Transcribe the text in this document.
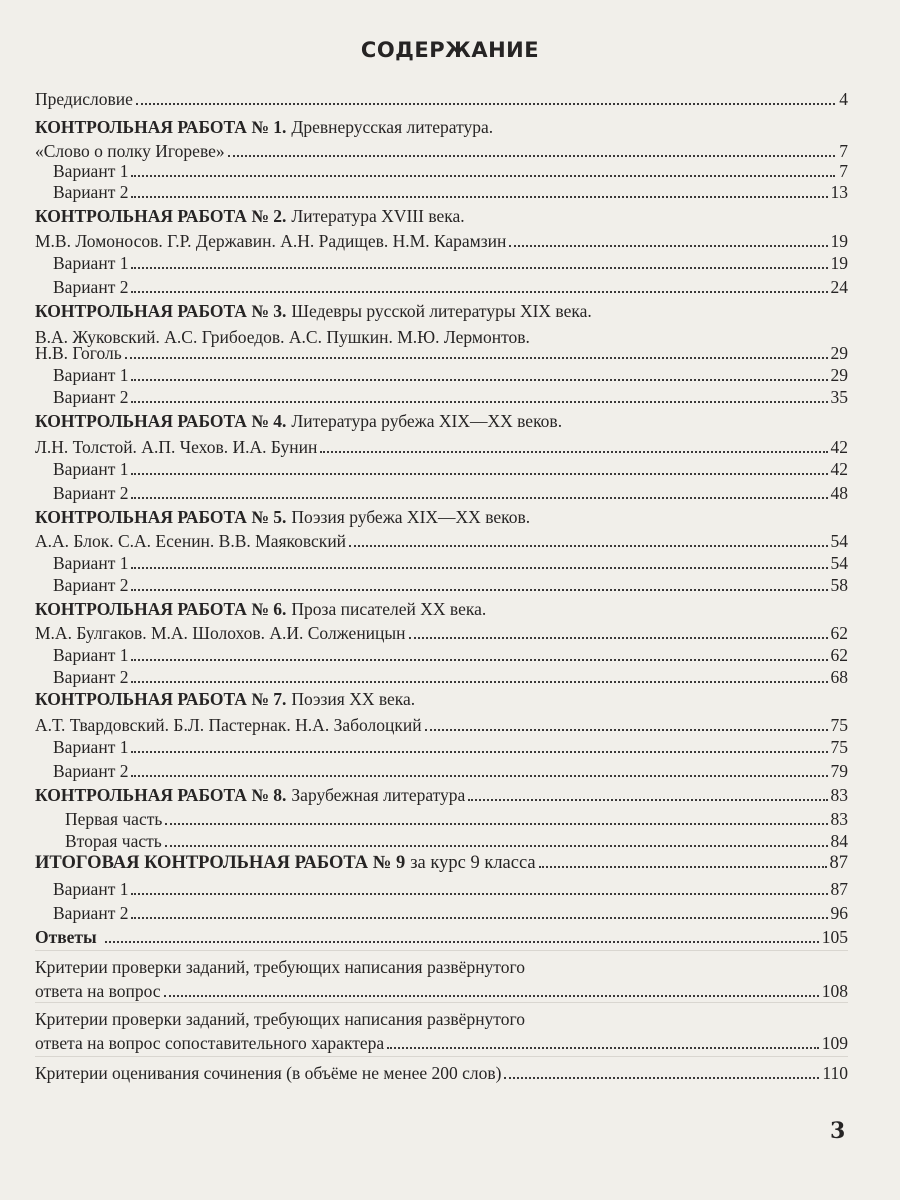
СОДЕРЖАНИЕ
Предисловие	4
КОНТРОЛЬНАЯ РАБОТА № 1. Древнерусская литература.
«Слово о полку Игореве»	7
Вариант 1	7
Вариант 2	13
КОНТРОЛЬНАЯ РАБОТА № 2. Литература XVIII века.
М.В. Ломоносов. Г.Р. Державин. А.Н. Радищев. Н.М. Карамзин	19
Вариант 1	19
Вариант 2	24
КОНТРОЛЬНАЯ РАБОТА № 3. Шедевры русской литературы XIX века.
В.А. Жуковский. А.С. Грибоедов. А.С. Пушкин. М.Ю. Лермонтов.
Н.В. Гоголь	29
Вариант 1	29
Вариант 2	35
КОНТРОЛЬНАЯ РАБОТА № 4. Литература рубежа XIX—XX веков.
Л.Н. Толстой. А.П. Чехов. И.А. Бунин	42
Вариант 1	42
Вариант 2	48
КОНТРОЛЬНАЯ РАБОТА № 5. Поэзия рубежа XIX—XX веков.
А.А. Блок. С.А. Есенин. В.В. Маяковский	54
Вариант 1	54
Вариант 2	58
КОНТРОЛЬНАЯ РАБОТА № 6. Проза писателей XX века.
М.А. Булгаков. М.А. Шолохов. А.И. Солженицын	62
Вариант 1	62
Вариант 2	68
КОНТРОЛЬНАЯ РАБОТА № 7. Поэзия XX века.
А.Т. Твардовский. Б.Л. Пастернак. Н.А. Заболоцкий	75
Вариант 1	75
Вариант 2	79
КОНТРОЛЬНАЯ РАБОТА № 8. Зарубежная литература	83
Первая часть	83
Вторая часть	84
ИТОГОВАЯ КОНТРОЛЬНАЯ РАБОТА № 9 за курс 9 класса	87
Вариант 1	87
Вариант 2	96
Ответы	105
Критерии проверки заданий, требующих написания развёрнутого
ответа на вопрос	108
Критерии проверки заданий, требующих написания развёрнутого
ответа на вопрос сопоставительного характера	109
Критерии оценивания сочинения (в объёме не менее 200 слов)	110
3
